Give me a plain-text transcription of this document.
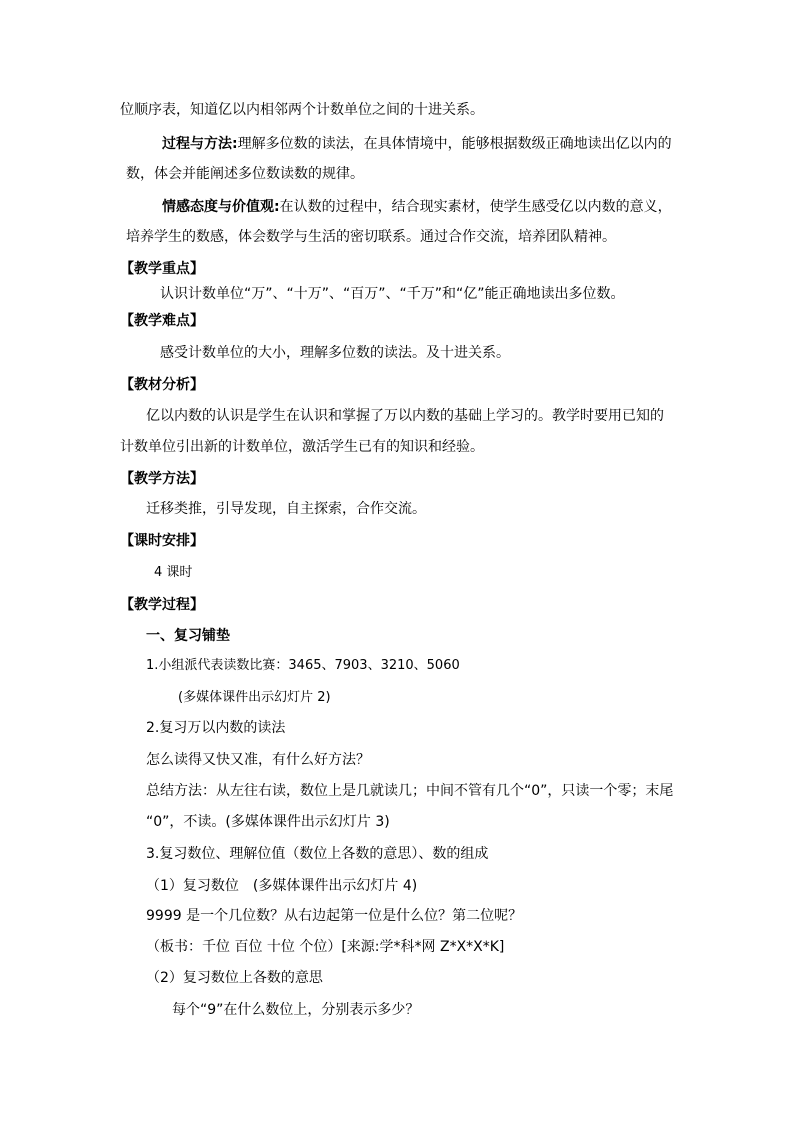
位顺序表，知道亿以内相邻两个计数单位之间的十进关系。
过程与方法:理解多位数的读法，在具体情境中，能够根据数级正确地读出亿以内的
数，体会并能阐述多位数读数的规律。
情感态度与价值观:在认数的过程中，结合现实素材，使学生感受亿以内数的意义，
培养学生的数感，体会数学与生活的密切联系。通过合作交流，培养团队精神。
【教学重点】
认识计数单位“万”、“十万”、“百万”、“千万”和“亿”能正确地读出多位数。
【教学难点】
感受计数单位的大小，理解多位数的读法。及十进关系。
【教材分析】
亿以内数的认识是学生在认识和掌握了万以内数的基础上学习的。教学时要用已知的
计数单位引出新的计数单位，激活学生已有的知识和经验。
【教学方法】
迁移类推，引导发现，自主探索，合作交流。
【课时安排】
4 课时
【教学过程】
一、复习铺垫
1.小组派代表读数比赛：3465、7903、3210、5060
(多媒体课件出示幻灯片 2)
2.复习万以内数的读法
怎么读得又快又准，有什么好方法？
总结方法：从左往右读，数位上是几就读几；中间不管有几个“0”，只读一个零；末尾
“0”，不读。(多媒体课件出示幻灯片 3)
3.复习数位、理解位值（数位上各数的意思）、数的组成
（1）复习数位　(多媒体课件出示幻灯片 4)
9999 是一个几位数？从右边起第一位是什么位？第二位呢？
（板书：千位 百位 十位 个位）[来源:学*科*网 Z*X*X*K]
（2）复习数位上各数的意思
每个“9”在什么数位上，分别表示多少？
